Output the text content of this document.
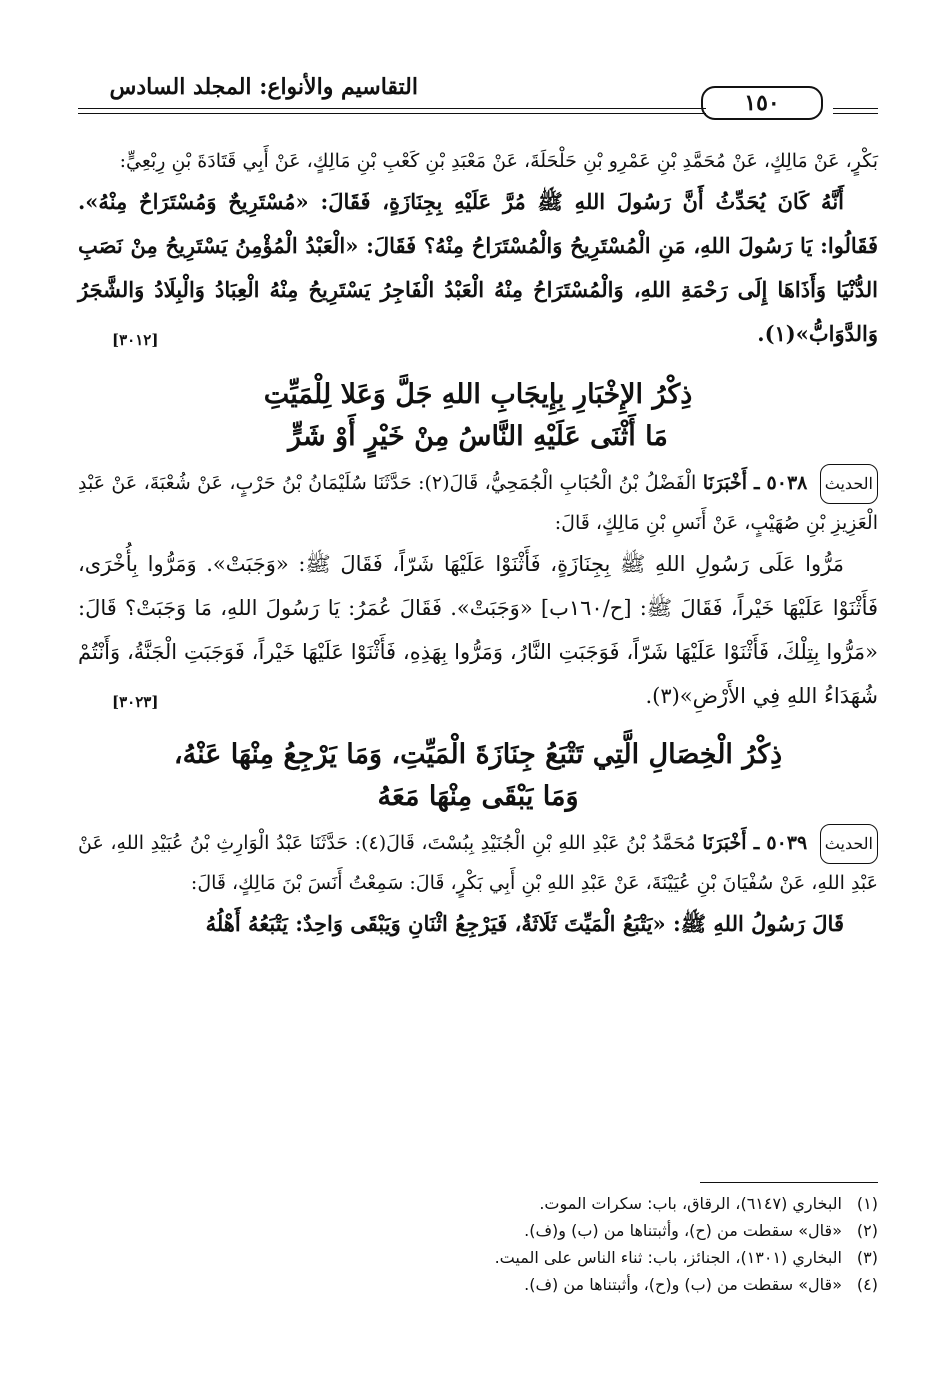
التقاسيم والأنواع: المجلد السادس
١٥٠

بَكْرٍ، عَنْ مَالِكٍ، عَنْ مُحَمَّدِ بْنِ عَمْرِو بْنِ حَلْحَلَةَ، عَنْ مَعْبَدِ بْنِ كَعْبِ بْنِ مَالِكٍ، عَنْ أَبِي قَتَادَةَ بْنِ رِبْعِيٍّ:

أَنَّهُ كَانَ يُحَدِّثُ أَنَّ رَسُولَ اللهِ ﷺ مُرَّ عَلَيْهِ بِجِنَازَةٍ، فَقَالَ: «مُسْتَرِيحٌ وَمُسْتَرَاحٌ مِنْهُ». فَقَالُوا: يَا رَسُولَ اللهِ، مَنِ الْمُسْتَرِيحُ وَالْمُسْتَرَاحُ مِنْهُ؟ فَقَالَ: «الْعَبْدُ الْمُؤْمِنُ يَسْتَرِيحُ مِنْ نَصَبِ الدُّنْيَا وَأَذَاهَا إِلَى رَحْمَةِ اللهِ، وَالْمُسْتَرَاحُ مِنْهُ الْعَبْدُ الْفَاجِرُ يَسْتَرِيحُ مِنْهُ الْعِبَادُ وَالْبِلَادُ وَالشَّجَرُ وَالدَّوَابُّ»(١).
[٣٠١٢]

ذِكْرُ الإِخْبَارِ بِإِيجَابِ اللهِ جَلَّ وَعَلا لِلْمَيِّتِ

مَا أَثْنَى عَلَيْهِ النَّاسُ مِنْ خَيْرٍ أَوْ شَرٍّ

الحديث ٥٠٣٨ ـ أَخْبَرَنَا الْفَضْلُ بْنُ الْحُبَابِ الْجُمَحِيُّ، قَالَ(٢): حَدَّثَنَا سُلَيْمَانُ بْنُ حَرْبٍ، عَنْ شُعْبَةَ، عَنْ عَبْدِ الْعَزِيزِ بْنِ صُهَيْبٍ، عَنْ أَنَسِ بْنِ مَالِكٍ، قَالَ:

مَرُّوا عَلَى رَسُولِ اللهِ ﷺ بِجِنَازَةٍ، فَأَثْنَوْا عَلَيْهَا شَرّاً، فَقَالَ ﷺ: «وَجَبَتْ». وَمَرُّوا بِأُخْرَى، فَأَثْنَوْا عَلَيْهَا خَيْراً، فَقَالَ ﷺ: [ح/١٦٠ب] «وَجَبَتْ». فَقَالَ عُمَرُ: يَا رَسُولَ اللهِ، مَا وَجَبَتْ؟ قَالَ: «مَرُّوا بِتِلْكَ، فَأَثْنَوْا عَلَيْهَا شَرّاً، فَوَجَبَتِ النَّارُ، وَمَرُّوا بِهَذِهِ، فَأَثْنَوْا عَلَيْهَا خَيْراً، فَوَجَبَتِ الْجَنَّةُ، وَأَنْتُمْ شُهَدَاءُ اللهِ فِي الأَرْضِ»(٣).
[٣٠٢٣]

ذِكْرُ الْخِصَالِ الَّتِي تَتْبَعُ جِنَازَةَ الْمَيِّتِ، وَمَا يَرْجِعُ مِنْهَا عَنْهُ،

وَمَا يَبْقَى مِنْهَا مَعَهُ

الحديث ٥٠٣٩ ـ أَخْبَرَنَا مُحَمَّدُ بْنُ عَبْدِ اللهِ بْنِ الْجُنَيْدِ بِبُسْتَ، قَالَ(٤): حَدَّثَنَا عَبْدُ الْوَارِثِ بْنُ عُبَيْدِ اللهِ، عَنْ عَبْدِ اللهِ، عَنْ سُفْيَانَ بْنِ عُيَيْنَةَ، عَنْ عَبْدِ اللهِ بْنِ أَبِي بَكْرٍ، قَالَ: سَمِعْتُ أَنَسَ بْنَ مَالِكٍ، قَالَ:

قَالَ رَسُولُ اللهِ ﷺ: «يَتْبَعُ الْمَيِّتَ ثَلَاثَةٌ، فَيَرْجِعُ اثْنَانِ وَيَبْقَى وَاحِدٌ: يَتْبَعُهُ أَهْلُهُ

(١)البخاري (٦١٤٧)، الرقاق، باب: سكرات الموت.

(٢)«قال» سقطت من (ح)، وأثبتناها من (ب) و(ف).

(٣)البخاري (١٣٠١)، الجنائز، باب: ثناء الناس على الميت.

(٤)«قال» سقطت من (ب) و(ح)، وأثبتناها من (ف).
